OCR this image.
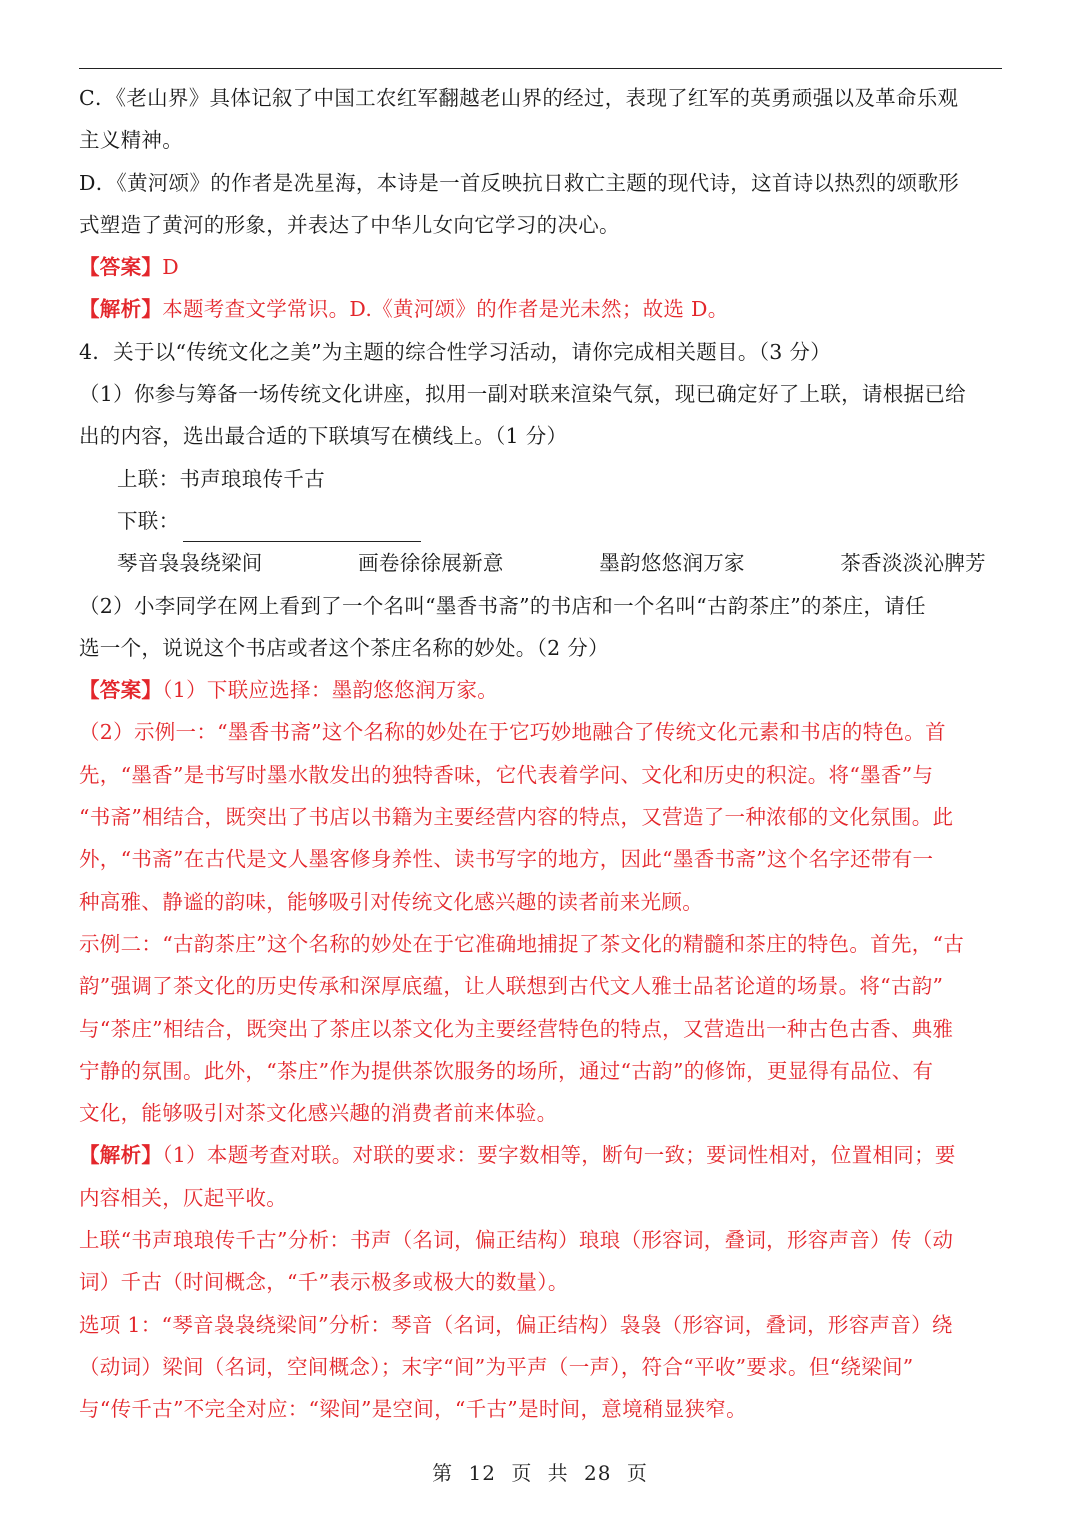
C．《老山界》具体记叙了中国工农红军翻越老山界的经过，表现了红军的英勇顽强以及革命乐观
主义精神。
D．《黄河颂》的作者是冼星海，本诗是一首反映抗日救亡主题的现代诗，这首诗以热烈的颂歌形
式塑造了黄河的形象，并表达了中华儿女向它学习的决心。
【答案】D
【解析】本题考查文学常识。D.《黄河颂》的作者是光未然；故选 D。
4．关于以“传统文化之美”为主题的综合性学习活动，请你完成相关题目。（3 分）
（1）你参与筹备一场传统文化讲座，拟用一副对联来渲染气氛，现已确定好了上联，请根据已给
出的内容，选出最合适的下联填写在横线上。（1 分）
上联：书声琅琅传千古
下联：
琴音袅袅绕梁间	画卷徐徐展新意	墨韵悠悠润万家	茶香淡淡沁脾芳
（2）小李同学在网上看到了一个名叫“墨香书斋”的书店和一个名叫“古韵茶庄”的茶庄，请任
选一个，说说这个书店或者这个茶庄名称的妙处。（2 分）
【答案】（1）下联应选择：墨韵悠悠润万家。
（2）示例一：“墨香书斋”这个名称的妙处在于它巧妙地融合了传统文化元素和书店的特色。首
先，“墨香”是书写时墨水散发出的独特香味，它代表着学问、文化和历史的积淀。将“墨香”与
“书斋”相结合，既突出了书店以书籍为主要经营内容的特点，又营造了一种浓郁的文化氛围。此
外，“书斋”在古代是文人墨客修身养性、读书写字的地方，因此“墨香书斋”这个名字还带有一
种高雅、静谧的韵味，能够吸引对传统文化感兴趣的读者前来光顾。
示例二：“古韵茶庄”这个名称的妙处在于它准确地捕捉了茶文化的精髓和茶庄的特色。首先，“古
韵”强调了茶文化的历史传承和深厚底蕴，让人联想到古代文人雅士品茗论道的场景。将“古韵”
与“茶庄”相结合，既突出了茶庄以茶文化为主要经营特色的特点，又营造出一种古色古香、典雅
宁静的氛围。此外，“茶庄”作为提供茶饮服务的场所，通过“古韵”的修饰，更显得有品位、有
文化，能够吸引对茶文化感兴趣的消费者前来体验。
【解析】（1）本题考查对联。对联的要求：要字数相等，断句一致；要词性相对，位置相同；要
内容相关，仄起平收。
上联“书声琅琅传千古”分析：书声（名词，偏正结构）琅琅（形容词，叠词，形容声音）传（动
词）千古（时间概念，“千”表示极多或极大的数量）。
选项 1：“琴音袅袅绕梁间”分析：琴音（名词，偏正结构）袅袅（形容词，叠词，形容声音）绕
（动词）梁间（名词，空间概念）；末字“间”为平声（一声），符合“平收”要求。但“绕梁间”
与“传千古”不完全对应：“梁间”是空间，“千古”是时间，意境稍显狭窄。
第 12 页 共 28 页
